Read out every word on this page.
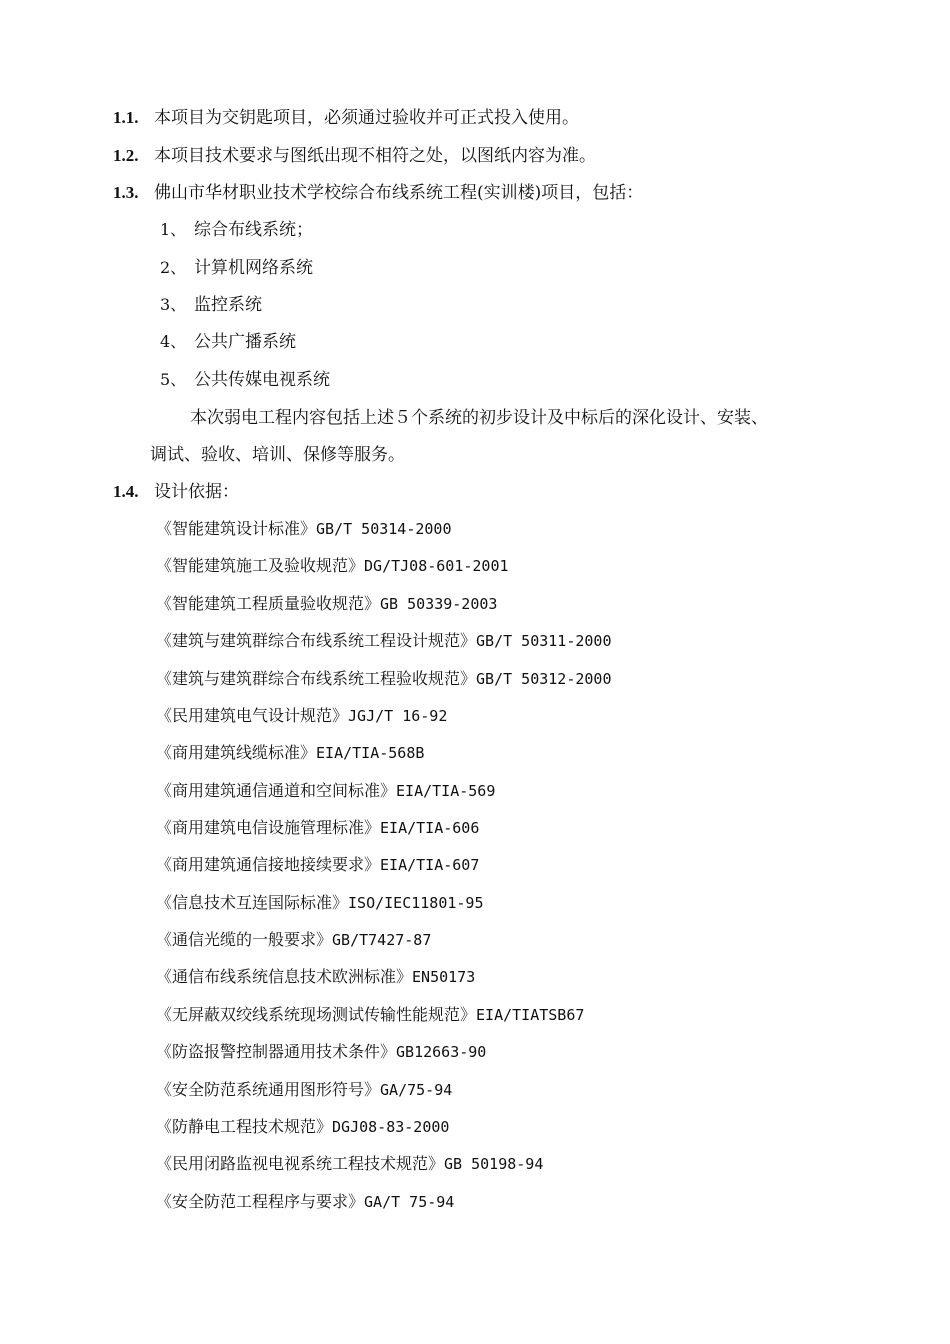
1.1. 本项目为交钥匙项目，必须通过验收并可正式投入使用。
1.2. 本项目技术要求与图纸出现不相符之处，以图纸内容为准。
1.3. 佛山市华材职业技术学校综合布线系统工程(实训楼)项目，包括：
1、 综合布线系统；
2、 计算机网络系统
3、 监控系统
4、 公共广播系统
5、 公共传媒电视系统
本次弱电工程内容包括上述５个系统的初步设计及中标后的深化设计、安装、
调试、验收、培训、保修等服务。
1.4. 设计依据：
《智能建筑设计标准》GB/T 50314-2000
《智能建筑施工及验收规范》DG/TJ08-601-2001
《智能建筑工程质量验收规范》GB 50339-2003
《建筑与建筑群综合布线系统工程设计规范》GB/T 50311-2000
《建筑与建筑群综合布线系统工程验收规范》GB/T 50312-2000
《民用建筑电气设计规范》JGJ/T 16-92
《商用建筑线缆标准》EIA/TIA-568B
《商用建筑通信通道和空间标准》EIA/TIA-569
《商用建筑电信设施管理标准》EIA/TIA-606
《商用建筑通信接地接续要求》EIA/TIA-607
《信息技术互连国际标准》ISO/IEC11801-95
《通信光缆的一般要求》GB/T7427-87
《通信布线系统信息技术欧洲标准》EN50173
《无屏蔽双绞线系统现场测试传输性能规范》EIA/TIATSB67
《防盗报警控制器通用技术条件》GB12663-90
《安全防范系统通用图形符号》GA/75-94
《防静电工程技术规范》DGJ08-83-2000
《民用闭路监视电视系统工程技术规范》GB 50198-94
《安全防范工程程序与要求》GA/T 75-94
